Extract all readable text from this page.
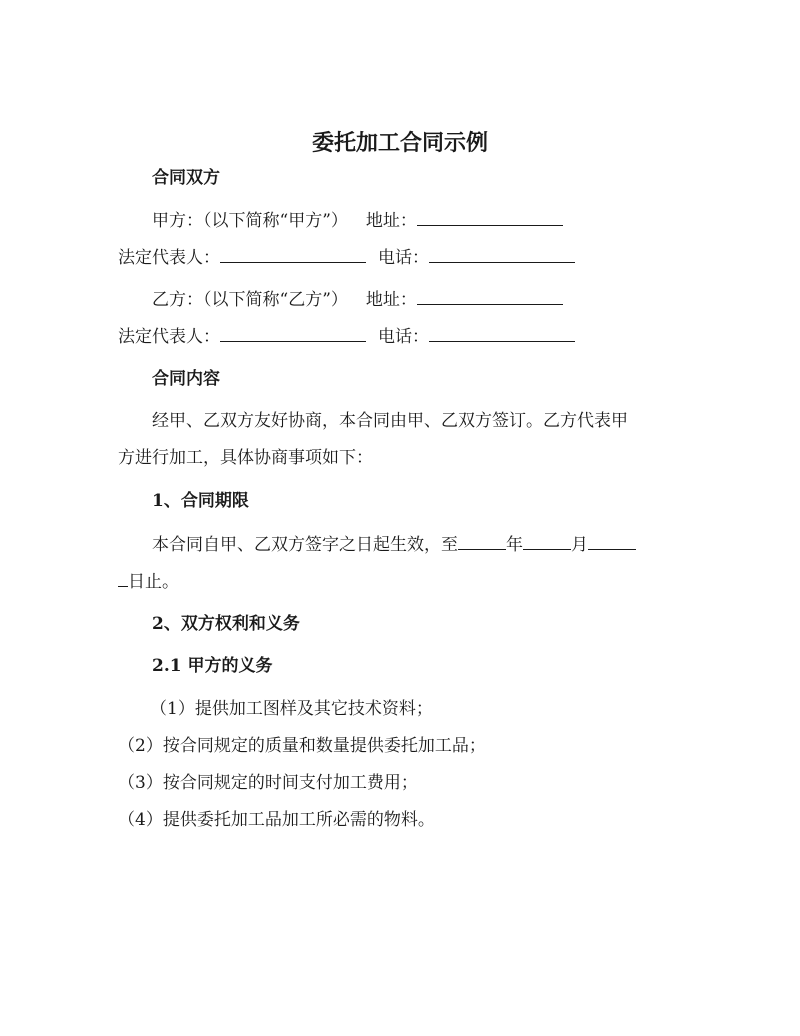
委托加工合同示例
合同双方
甲方：（以下简称“甲方”） 地址：
法定代表人：	电话：
乙方：（以下简称“乙方”） 地址：
法定代表人：	电话：
合同内容
经甲、乙双方友好协商，本合同由甲、乙双方签订。乙方代表甲
方进行加工，具体协商事项如下：
1、合同期限
本合同自甲、乙双方签字之日起生效，至	年	月
日止。
2、双方权利和义务
2.1 甲方的义务
（1）提供加工图样及其它技术资料；
（2）按合同规定的质量和数量提供委托加工品；
（3）按合同规定的时间支付加工费用；
（4）提供委托加工品加工所必需的物料。
